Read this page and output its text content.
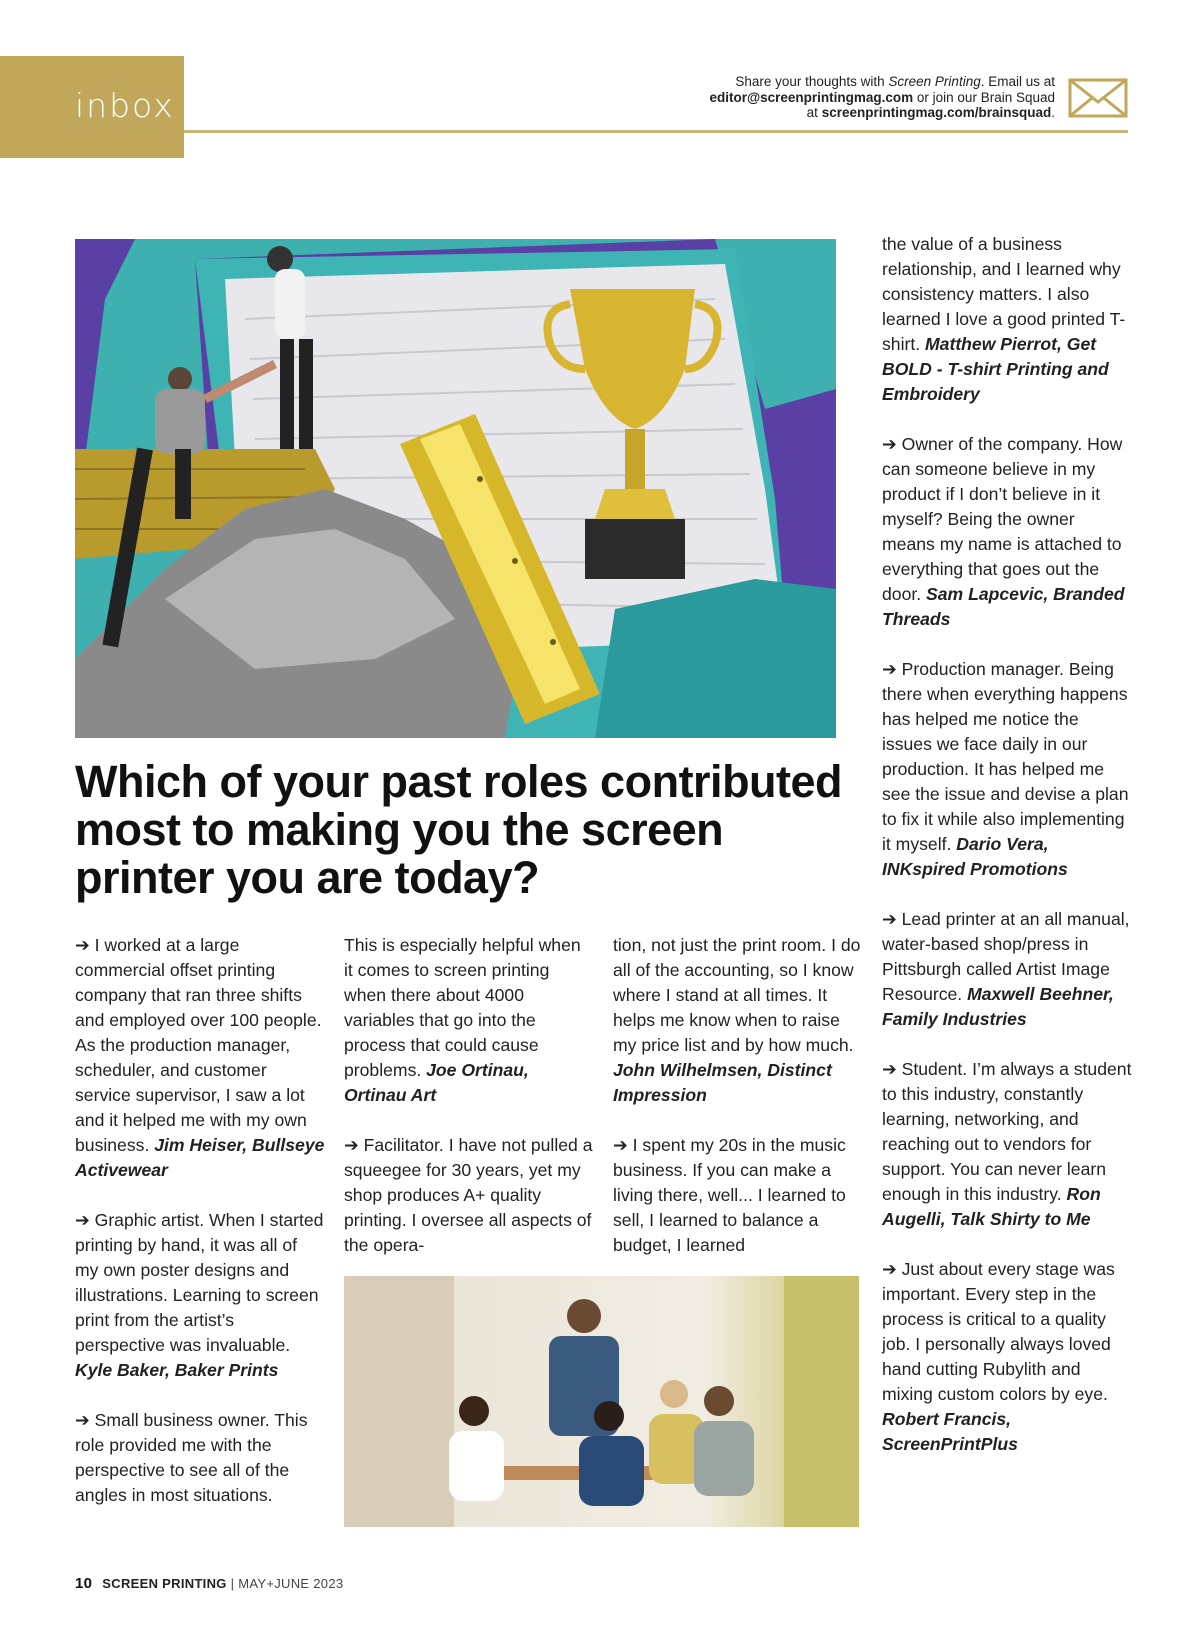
inbox
Share your thoughts with Screen Printing. Email us at
editor@screenprintingmag.com or join our Brain Squad
at screenprintingmag.com/brainsquad.
Which of your past roles contributed most to making you the screen printer you are today?

➔ I worked at a large commercial offset printing company that ran three shifts and employed over 100 people. As the production manager, scheduler, and customer service supervisor, I saw a lot and it helped me with my own business. Jim Heiser, Bullseye Activewear

➔ Graphic artist. When I started printing by hand, it was all of my own poster designs and illustrations. Learning to screen print from the artist’s perspective was invaluable. Kyle Baker, Baker Prints

➔ Small business owner. This role provided me with the perspective to see all of the angles in most situations.

This is especially helpful when it comes to screen printing when there about 4000 variables that go into the process that could cause problems. Joe Ortinau, Ortinau Art

➔ Facilitator. I have not pulled a squeegee for 30 years, yet my shop produces A+ quality printing. I oversee all aspects of the opera-

tion, not just the print room. I do all of the accounting, so I know where I stand at all times. It helps me know when to raise my price list and by how much. John Wilhelmsen, Distinct Impression

➔ I spent my 20s in the music business. If you can make a living there, well... I learned to sell, I learned to balance a budget, I learned

the value of a business relationship, and I learned why consistency matters. I also learned I love a good printed T-shirt. Matthew Pierrot, Get BOLD - T-shirt Printing and Embroidery

➔ Owner of the company. How can someone believe in my product if I don’t believe in it myself? Being the owner means my name is attached to everything that goes out the door. Sam Lapcevic, Branded Threads

➔ Production manager. Being there when everything happens has helped me notice the issues we face daily in our production. It has helped me see the issue and devise a plan to fix it while also implementing it myself. Dario Vera, INKspired Promotions

➔ Lead printer at an all manual, water-based shop/press in Pittsburgh called Artist Image Resource. Maxwell Beehner, Family Industries

➔ Student. I’m always a student to this industry, constantly learning, networking, and reaching out to vendors for support. You can never learn enough in this industry. Ron Augelli, Talk Shirty to Me

➔ Just about every stage was important. Every step in the process is critical to a quality job. I personally always loved hand cutting Rubylith and mixing custom colors by eye. Robert Francis, ScreenPrintPlus

10 SCREEN PRINTING | MAY+JUNE 2023
